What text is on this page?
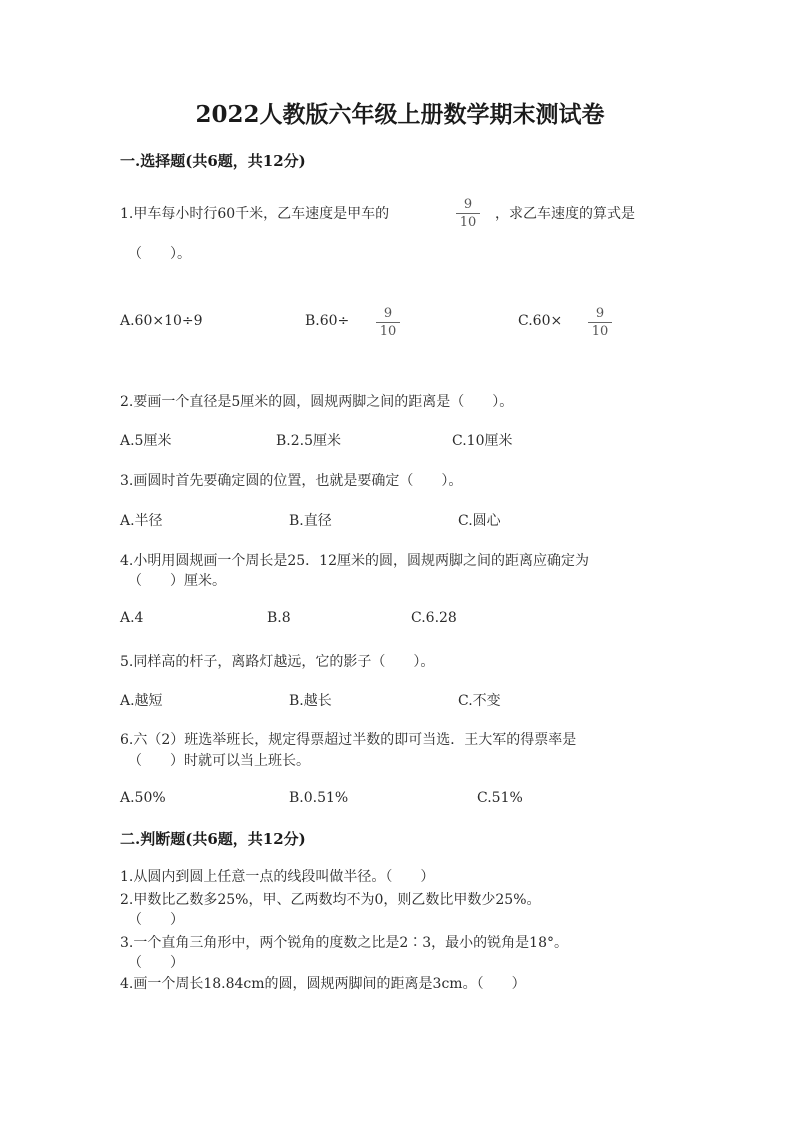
2022人教版六年级上册数学期末测试卷
一.选择题(共6题，共12分)
1.甲车每小时行60千米，乙车速度是甲车的
9
10
，求乙车速度的算式是
（　　）。
A.60×10÷9	B.60÷	9
10
C.60×	9
10
2.要画一个直径是5厘米的圆，圆规两脚之间的距离是（　　）。
A.5厘米	B.2.5厘米	C.10厘米
3.画圆时首先要确定圆的位置，也就是要确定（　　）。
A.半径	B.直径	C.圆心
4.小明用圆规画一个周长是25．12厘米的圆，圆规两脚之间的距离应确定为
（　　）厘米。
A.4	B.8	C.6.28
5.同样高的杆子，离路灯越远，它的影子（　　）。
A.越短	B.越长	C.不变
6.六（2）班选举班长，规定得票超过半数的即可当选．王大军的得票率是
（　　）时就可以当上班长。
A.50%	B.0.51%	C.51%
二.判断题(共6题，共12分)
1.从圆内到圆上任意一点的线段叫做半径。（　　）
2.甲数比乙数多25%，甲、乙两数均不为0，则乙数比甲数少25%。
（　　）
3.一个直角三角形中，两个锐角的度数之比是2∶3，最小的锐角是18°。
（　　）
4.画一个周长18.84cm的圆，圆规两脚间的距离是3cm。（　　）
